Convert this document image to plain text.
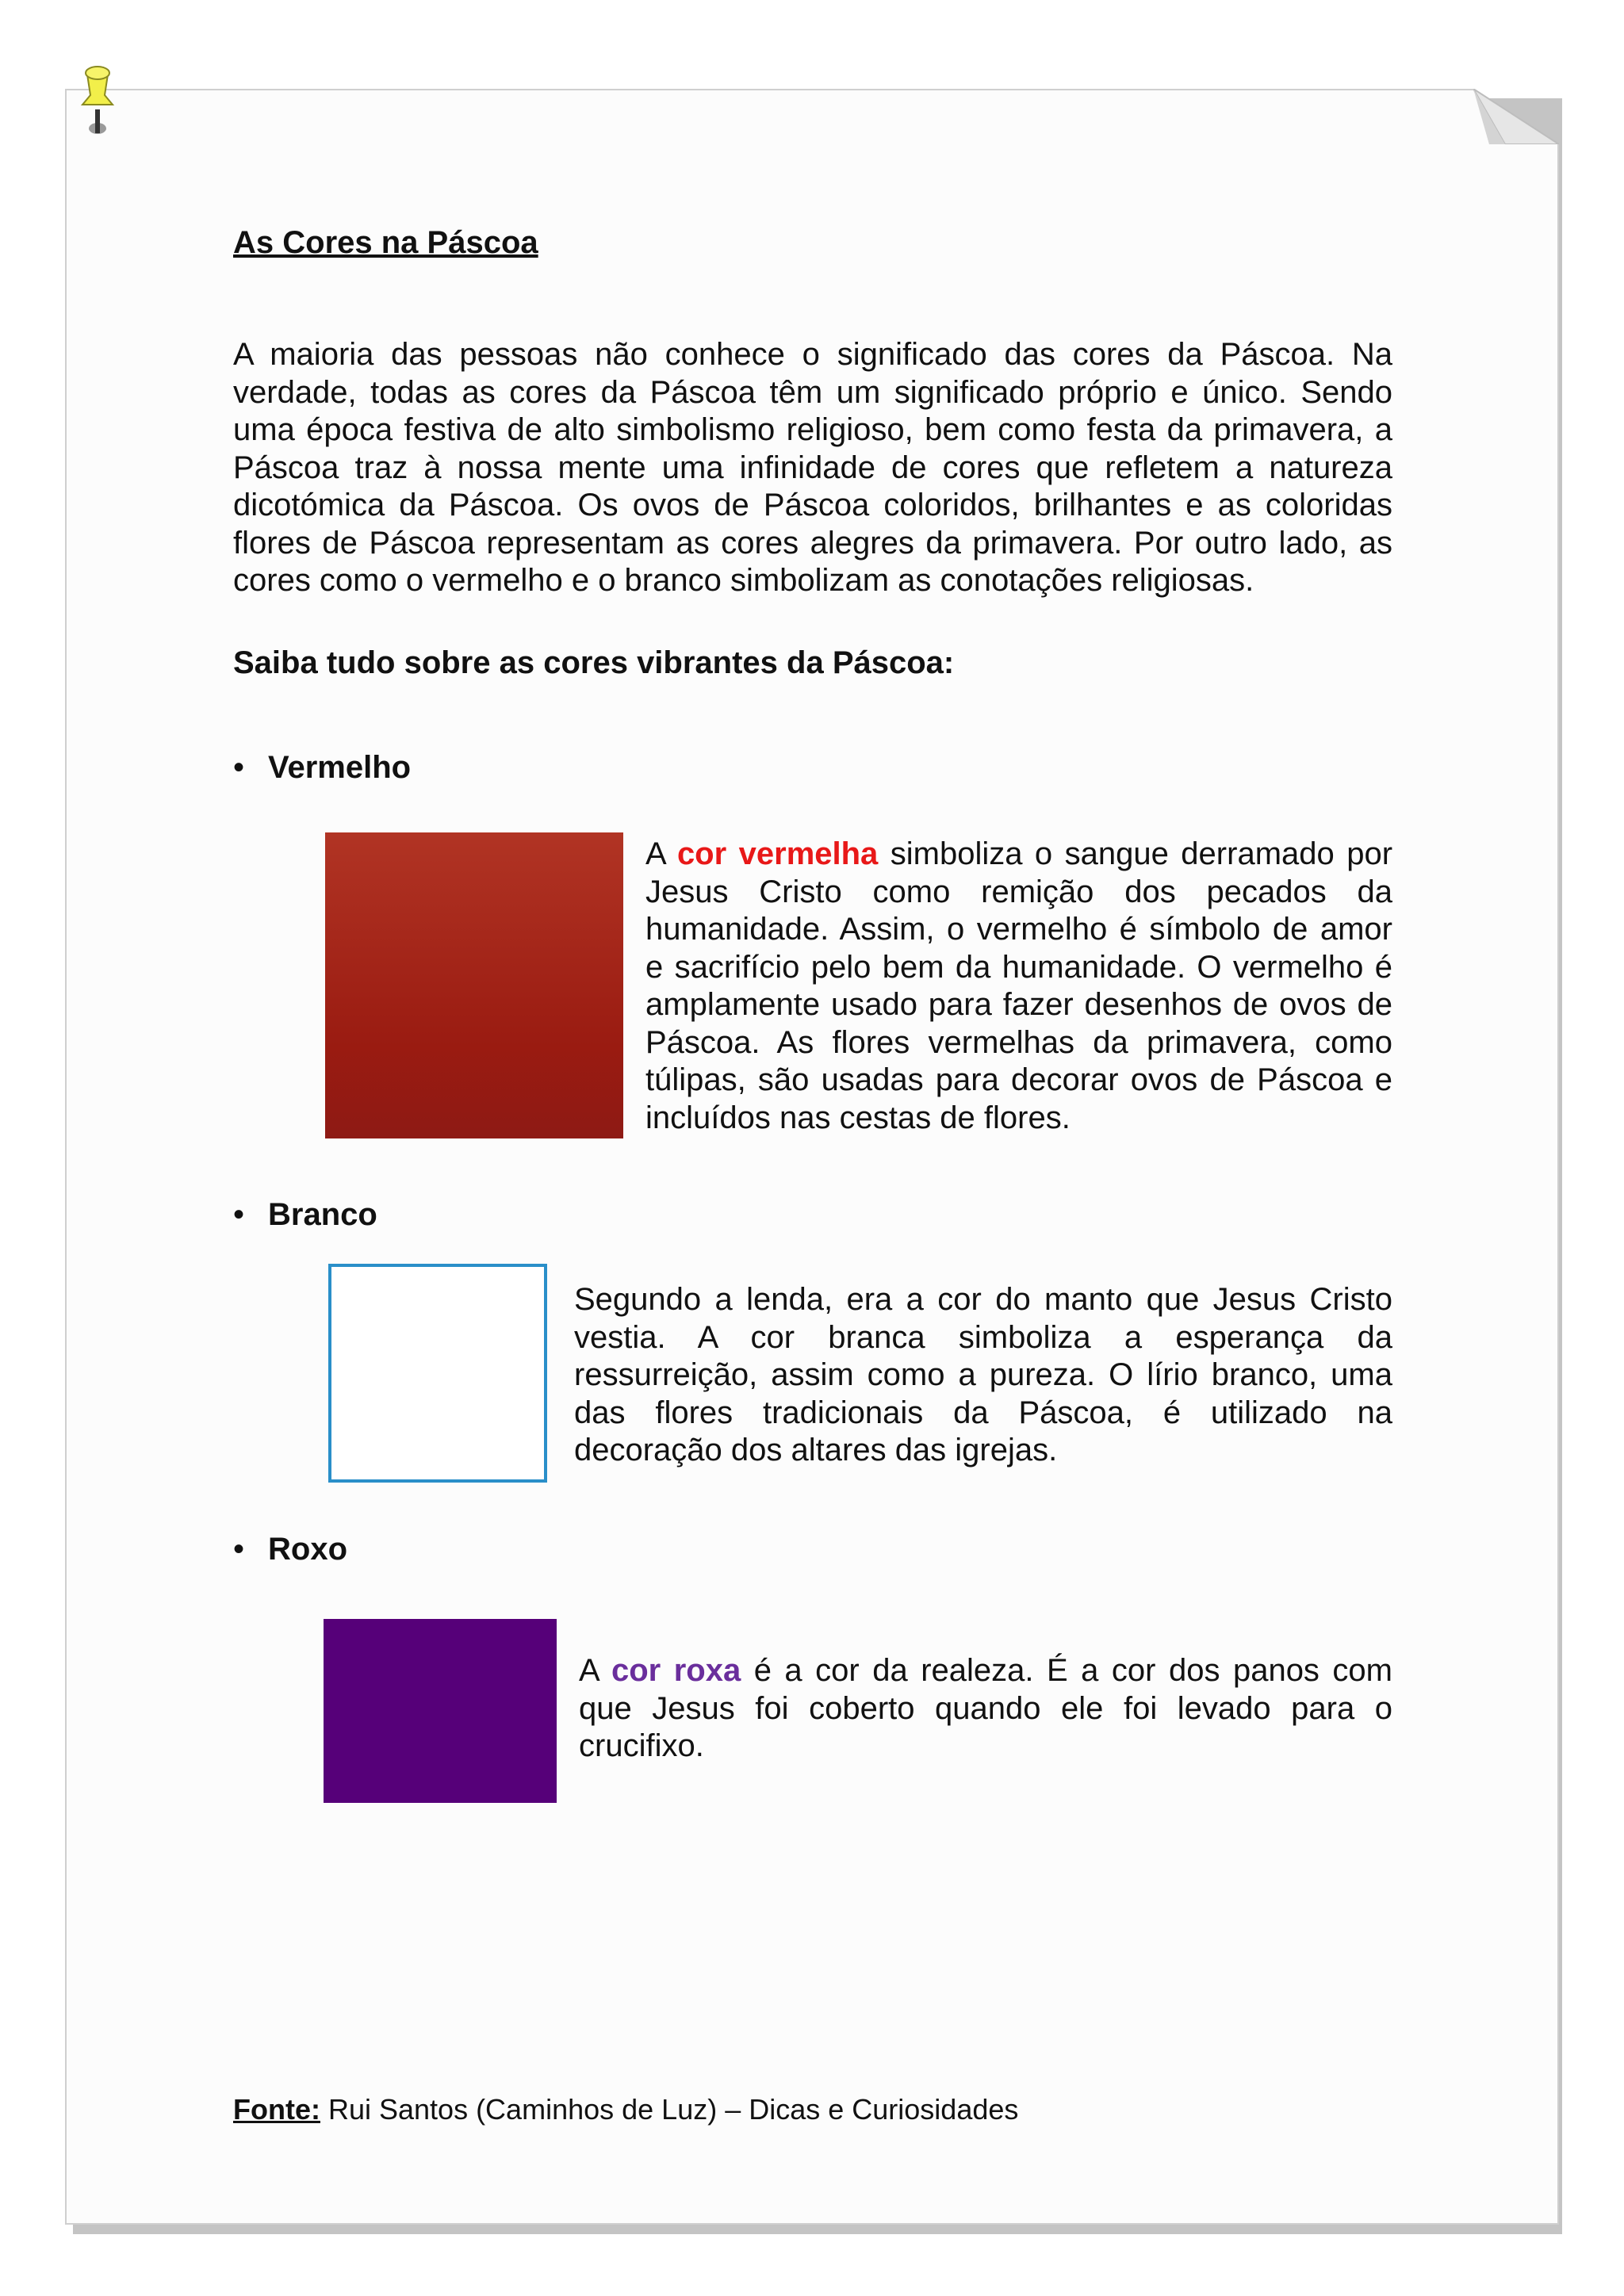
As Cores na Páscoa

A maioria das pessoas não conhece o significado das cores da Páscoa. Na verdade, todas as cores da Páscoa têm um significado próprio e único. Sendo uma época festiva de alto simbolismo religioso, bem como festa da primavera, a Páscoa traz à nossa mente uma infinidade de cores que refletem a natureza dicotómica da Páscoa. Os ovos de Páscoa coloridos, brilhantes e as coloridas flores de Páscoa representam as cores alegres da primavera. Por outro lado, as cores como o vermelho e o branco simbolizam as conotações religiosas.

Saiba tudo sobre as cores vibrantes da Páscoa:
• Vermelho

A cor vermelha simboliza o sangue derramado por Jesus Cristo como remição dos pecados da humanidade. Assim, o vermelho é símbolo de amor e sacrifício pelo bem da humanidade. O vermelho é amplamente usado para fazer desenhos de ovos de Páscoa. As flores vermelhas da primavera, como túlipas, são usadas para decorar ovos de Páscoa e incluídos nas cestas de flores.

• Branco

Segundo a lenda, era a cor do manto que Jesus Cristo vestia. A cor branca simboliza a esperança da ressurreição, assim como a pureza. O lírio branco, uma das flores tradicionais da Páscoa, é utilizado na decoração dos altares das igrejas.

• Roxo

A cor roxa é a cor da realeza. É a cor dos panos com que Jesus foi coberto quando ele foi levado para o crucifixo.

Fonte: Rui Santos (Caminhos de Luz) – Dicas e Curiosidades
